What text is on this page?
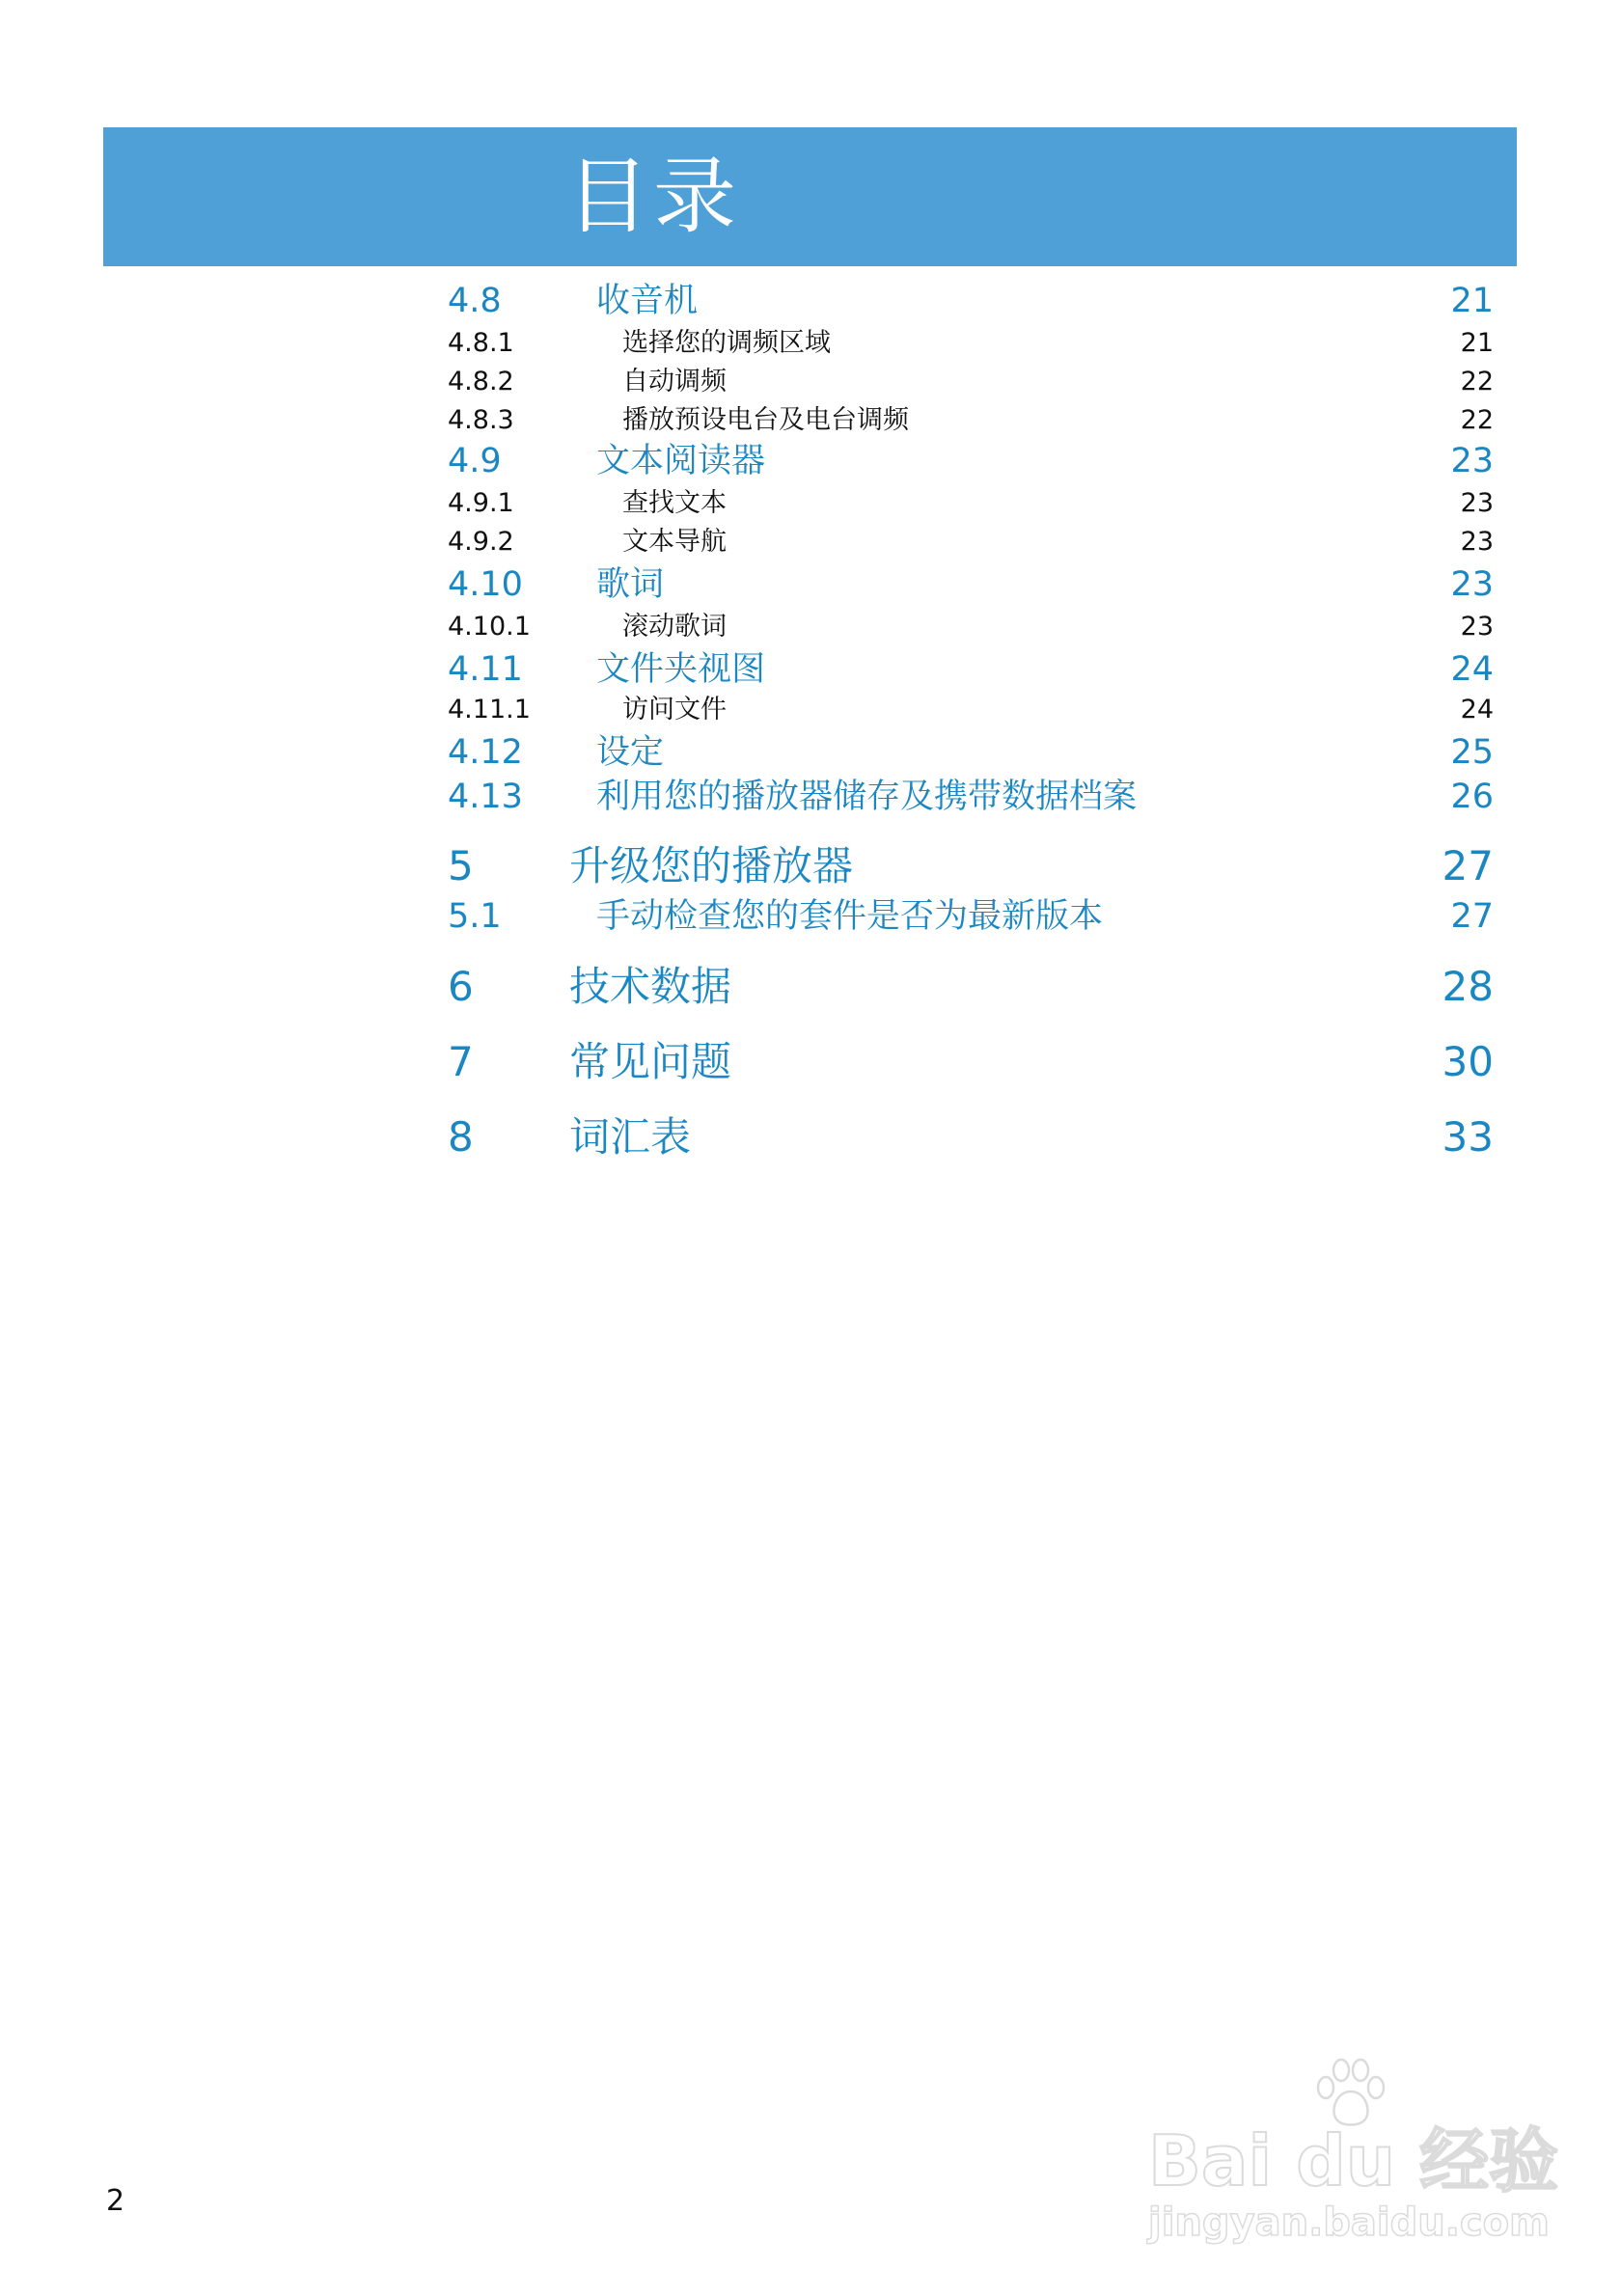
目录
4.8	收音机	21
4.8.1	选择您的调频区域	21
4.8.2	自动调频	22
4.8.3	播放预设电台及电台调频	22
4.9	文本阅读器	23
4.9.1	查找文本	23
4.9.2	文本导航	23
4.10 歌词	23
4.10.1	滚动歌词	23
4.11 文件夹视图	24
4.11.1	访问文件	24
4.12 设定	25
4.13 利用您的播放器储存及携带数据档案	26
5 升级您的播放器	27
5.1	手动检查您的套件是否为最新版本	27
6 技术数据	28
7 常见问题	30
8 词汇表	33
2	Bai du 经验
jingyan.baidu.com
